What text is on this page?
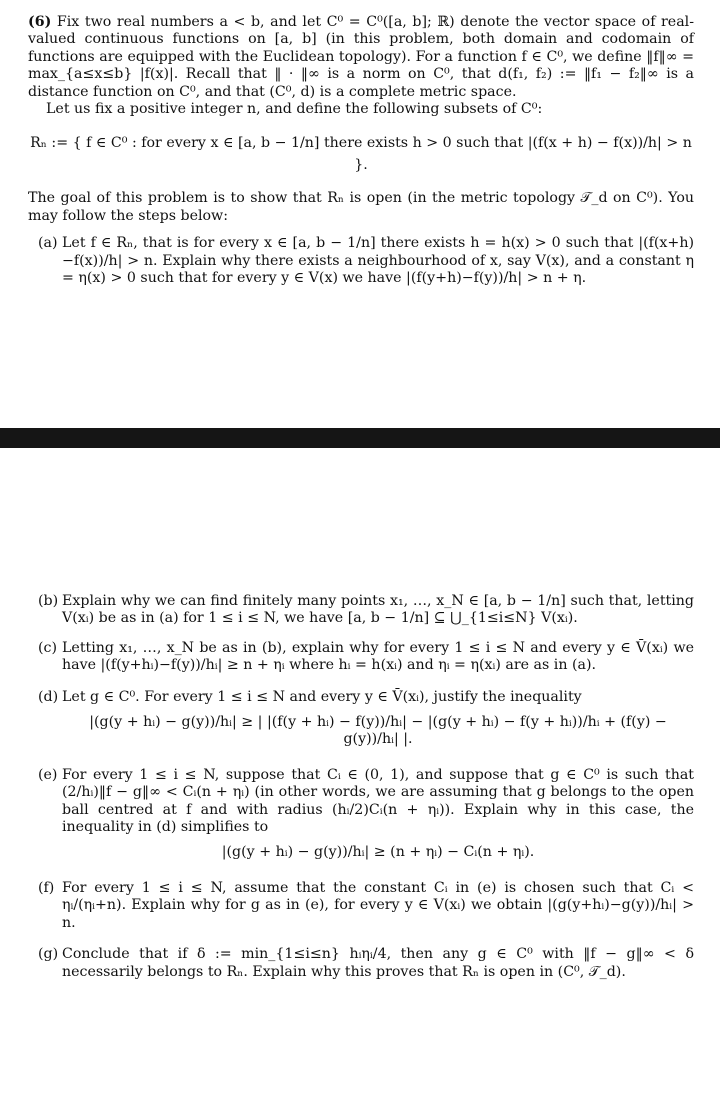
(6) Fix two real numbers a < b, and let C⁰ = C⁰([a, b]; ℝ) denote the vector space of real-valued continuous functions on [a, b] (in this problem, both domain and codomain of functions are equipped with the Euclidean topology). For a function f ∈ C⁰, we define ‖f‖∞ = max_{a≤x≤b} |f(x)|. Recall that ‖ · ‖∞ is a norm on C⁰, that d(f₁, f₂) := ‖f₁ − f₂‖∞ is a distance function on C⁰, and that (C⁰, d) is a complete metric space.

Let us fix a positive integer n, and define the following subsets of C⁰:

Rₙ := { f ∈ C⁰ : for every x ∈ [a, b − 1/n] there exists h > 0 such that |(f(x + h) − f(x))/h| > n }.

The goal of this problem is to show that Rₙ is open (in the metric topology 𝒯_d on C⁰). You may follow the steps below:

(a) Let f ∈ Rₙ, that is for every x ∈ [a, b − 1/n] there exists h = h(x) > 0 such that |(f(x+h)−f(x))/h| > n. Explain why there exists a neighbourhood of x, say V(x), and a constant η = η(x) > 0 such that for every y ∈ V(x) we have |(f(y+h)−f(y))/h| > n + η.
(b) Explain why we can find finitely many points x₁, …, x_N ∈ [a, b − 1/n] such that, letting V(xᵢ) be as in (a) for 1 ≤ i ≤ N, we have [a, b − 1/n] ⊆ ⋃_{1≤i≤N} V(xᵢ).
(c) Letting x₁, …, x_N be as in (b), explain why for every 1 ≤ i ≤ N and every y ∈ V̄(xᵢ) we have |(f(y+hᵢ)−f(y))/hᵢ| ≥ n + ηᵢ where hᵢ = h(xᵢ) and ηᵢ = η(xᵢ) are as in (a).
(d) Let g ∈ C⁰. For every 1 ≤ i ≤ N and every y ∈ V̄(xᵢ), justify the inequality
|(g(y + hᵢ) − g(y))/hᵢ| ≥ | |(f(y + hᵢ) − f(y))/hᵢ| − |(g(y + hᵢ) − f(y + hᵢ))/hᵢ + (f(y) − g(y))/hᵢ| |.
(e) For every 1 ≤ i ≤ N, suppose that Cᵢ ∈ (0, 1), and suppose that g ∈ C⁰ is such that (2/hᵢ)‖f − g‖∞ < Cᵢ(n + ηᵢ) (in other words, we are assuming that g belongs to the open ball centred at f and with radius (hᵢ/2)Cᵢ(n + ηᵢ)). Explain why in this case, the inequality in (d) simplifies to
|(g(y + hᵢ) − g(y))/hᵢ| ≥ (n + ηᵢ) − Cᵢ(n + ηᵢ).
(f) For every 1 ≤ i ≤ N, assume that the constant Cᵢ in (e) is chosen such that Cᵢ < ηᵢ/(ηᵢ+n). Explain why for g as in (e), for every y ∈ V(xᵢ) we obtain |(g(y+hᵢ)−g(y))/hᵢ| > n.
(g) Conclude that if δ := min_{1≤i≤n} hᵢηᵢ/4, then any g ∈ C⁰ with ‖f − g‖∞ < δ necessarily belongs to Rₙ. Explain why this proves that Rₙ is open in (C⁰, 𝒯_d).
